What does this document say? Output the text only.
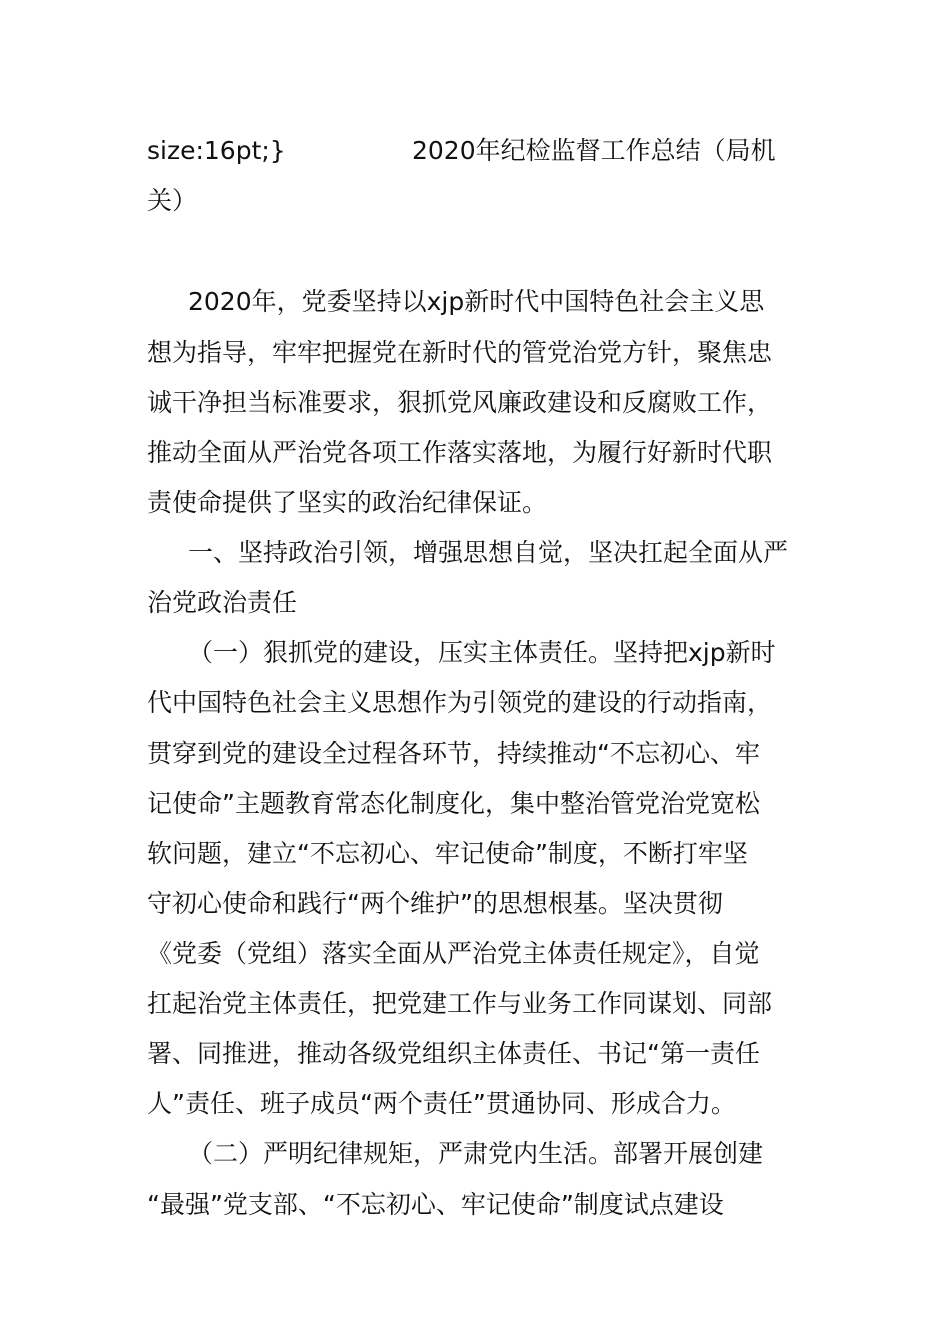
size:16pt;}	2020年纪检监督工作总结（局机
关）
2020年，党委坚持以xjp新时代中国特色社会主义思
想为指导，牢牢把握党在新时代的管党治党方针，聚焦忠
诚干净担当标准要求，狠抓党风廉政建设和反腐败工作，
推动全面从严治党各项工作落实落地，为履行好新时代职
责使命提供了坚实的政治纪律保证。
一、坚持政治引领，增强思想自觉，坚决扛起全面从严
治党政治责任
（一）狠抓党的建设，压实主体责任。坚持把xjp新时
代中国特色社会主义思想作为引领党的建设的行动指南，
贯穿到党的建设全过程各环节，持续推动“不忘初心、牢
记使命”主题教育常态化制度化，集中整治管党治党宽松
软问题，建立“不忘初心、牢记使命”制度，不断打牢坚
守初心使命和践行“两个维护”的思想根基。坚决贯彻
《党委（党组）落实全面从严治党主体责任规定》，自觉
扛起治党主体责任，把党建工作与业务工作同谋划、同部
署、同推进，推动各级党组织主体责任、书记“第一责任
人”责任、班子成员“两个责任”贯通协同、形成合力。
（二）严明纪律规矩，严肃党内生活。部署开展创建
“最强”党支部、“不忘初心、牢记使命”制度试点建设
